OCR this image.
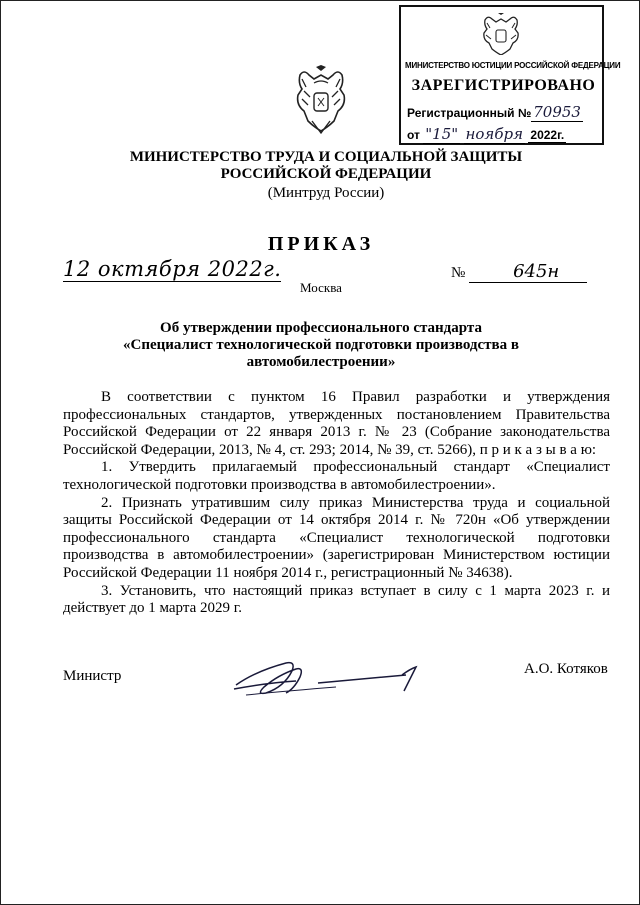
МИНИСТЕРСТВО ЮСТИЦИИ РОССИЙСКОЙ ФЕДЕРАЦИИ
ЗАРЕГИСТРИРОВАНО
Регистрационный № 70953
от "15" ноября 2022г.
МИНИСТЕРСТВО ТРУДА И СОЦИАЛЬНОЙ ЗАЩИТЫ
РОССИЙСКОЙ ФЕДЕРАЦИИ
(Минтруд России)
ПРИКАЗ
12 октября 2022г.	№	645н
Москва
Об утверждении профессионального стандарта
«Специалист технологической подготовки производства в
автомобилестроении»

В соответствии с пунктом 16 Правил разработки и утверждения профессиональных стандартов, утвержденных постановлением Правительства Российской Федерации от 22 января 2013 г. № 23 (Собрание законодательства Российской Федерации, 2013, № 4, ст. 293; 2014, № 39, ст. 5266), п р и к а з ы в а ю:

1. Утвердить прилагаемый профессиональный стандарт «Специалист технологической подготовки производства в автомобилестроении».

2. Признать утратившим силу приказ Министерства труда и социальной защиты Российской Федерации от 14 октября 2014 г. № 720н «Об утверждении профессионального стандарта «Специалист технологической подготовки производства в автомобилестроении» (зарегистрирован Министерством юстиции Российской Федерации 11 ноября 2014 г., регистрационный № 34638).

3. Установить, что настоящий приказ вступает в силу с 1 марта 2023 г. и действует до 1 марта 2029 г.

Министр	А.О. Котяков
